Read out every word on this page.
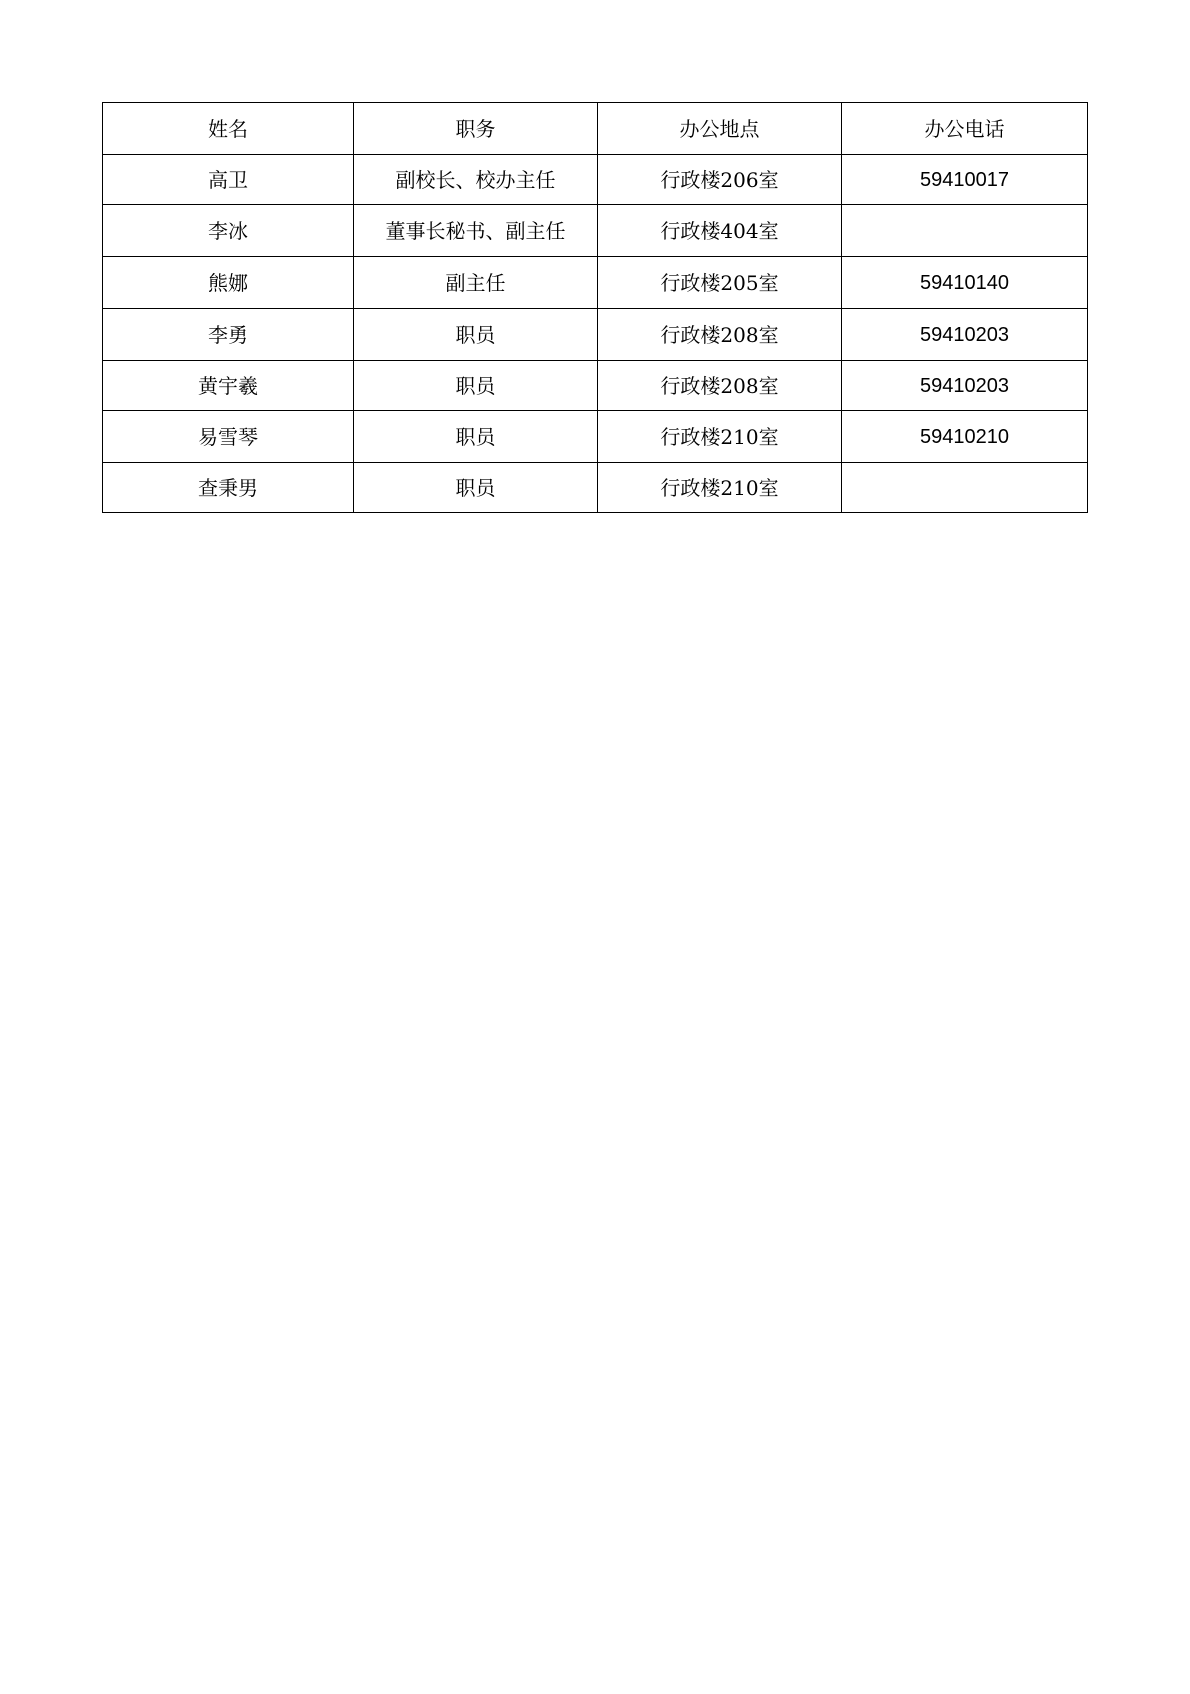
姓名	职务	办公地点	办公电话
高卫	副校长、校办主任	行政楼206室	59410017
李冰	董事长秘书、副主任	行政楼404室	
熊娜	副主任	行政楼205室	59410140
李勇	职员	行政楼208室	59410203
黄宇羲	职员	行政楼208室	59410203
易雪琴	职员	行政楼210室	59410210
查秉男	职员	行政楼210室	
